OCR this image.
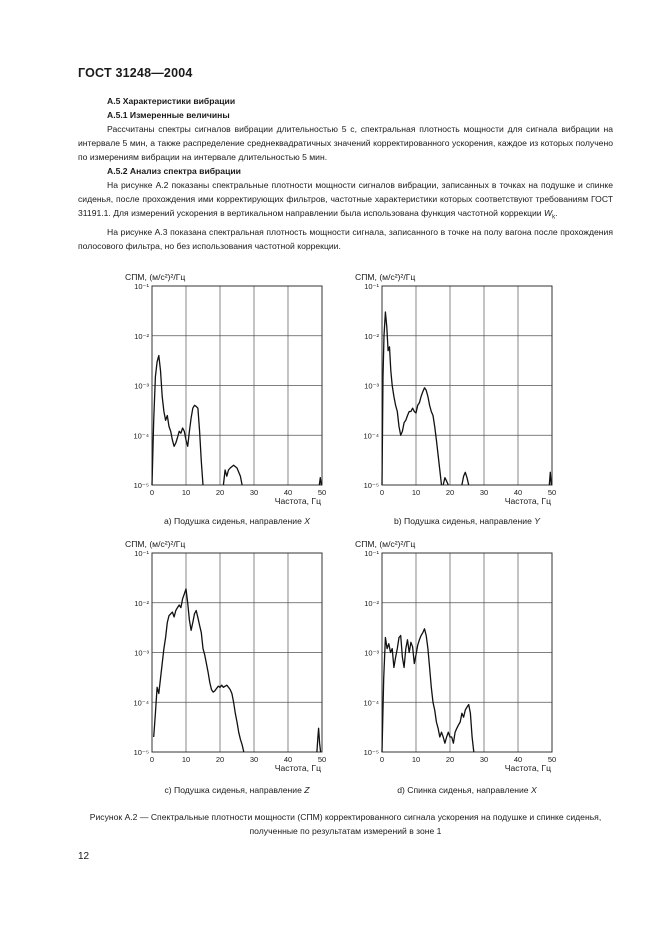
ГОСТ 31248—2004
А.5 Характеристики вибрации
А.5.1 Измеренные величины
Рассчитаны спектры сигналов вибрации длительностью 5 с, спектральная плотность мощности для сигнала вибрации на интервале 5 мин, а также распределение среднеквадратичных значений корректированного ускорения, каждое из которых получено по измерениям вибрации на интервале длительностью 5 мин.
А.5.2 Анализ спектра вибрации
На рисунке А.2 показаны спектральные плотности мощности сигналов вибрации, записанных в точках на подушке и спинке сиденья, после прохождения ими корректирующих фильтров, частотные характеристики которых соответствуют требованиям ГОСТ 31191.1. Для измерений ускорения в вертикальном направлении была использована функция частотной коррекции $W_k$.
На рисунке А.3 показана спектральная плотность мощности сигнала, записанного в точке на полу вагона после прохождения полосового фильтра, но без использования частотной коррекции.
СПМ, (м/с²)²/Гц
10⁻⁵
10⁻⁴
10⁻³
10⁻²
10⁻¹
0	10	20	30	40	50
Частота, Гц
СПМ, (м/с²)²/Гц
10⁻⁵
10⁻⁴
10⁻³
10⁻²
10⁻¹
0	10	20	30	40	50
Частота, Гц
СПМ, (м/с²)²/Гц
10⁻⁵
10⁻⁴
10⁻³
10⁻²
10⁻¹
0	10	20	30	40	50
Частота, Гц
СПМ, (м/с²)²/Гц
10⁻⁵
10⁻⁴
10⁻³
10⁻²
10⁻¹
0	10	20	30	40	50
Частота, Гц
а) Подушка сиденья, направление X	b) Подушка сиденья, направление Y
с) Подушка сиденья, направление Z	d) Спинка сиденья, направление X
Рисунок А.2 — Спектральные плотности мощности (СПМ) корректированного сигнала ускорения на подушке и спинке сиденья, полученные по результатам измерений в зоне 1
12
